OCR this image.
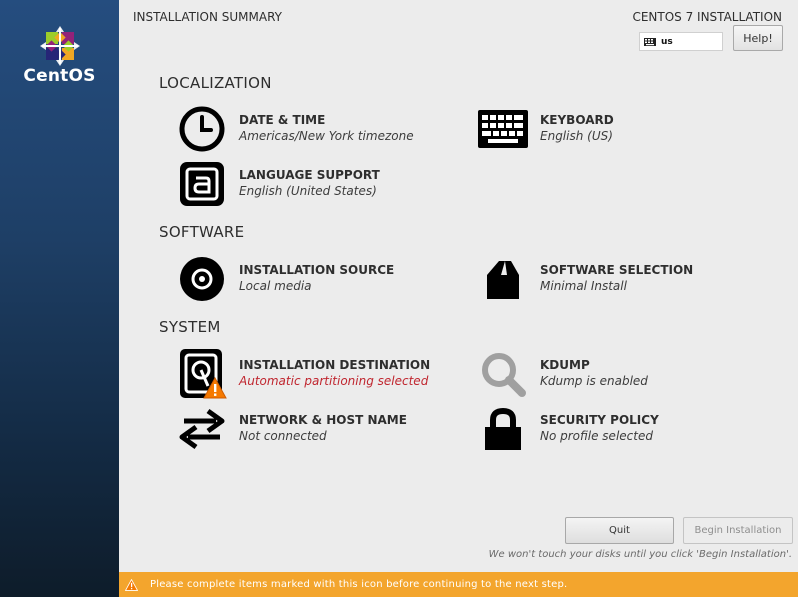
CentOS
INSTALLATION SUMMARY	CENTOS 7 INSTALLATION
us	Help!
LOCALIZATION
SOFTWARE
SYSTEM
DATE & TIME
Americas/New York timezone
KEYBOARD
English (US)
LANGUAGE SUPPORT
English (United States)
INSTALLATION SOURCE
Local media
SOFTWARE SELECTION
Minimal Install
INSTALLATION DESTINATION
Automatic partitioning selected
KDUMP
Kdump is enabled
NETWORK & HOST NAME
Not connected
SECURITY POLICY
No profile selected
Quit	Begin Installation
We won't touch your disks until you click 'Begin Installation'.
Please complete items marked with this icon before continuing to the next step.
